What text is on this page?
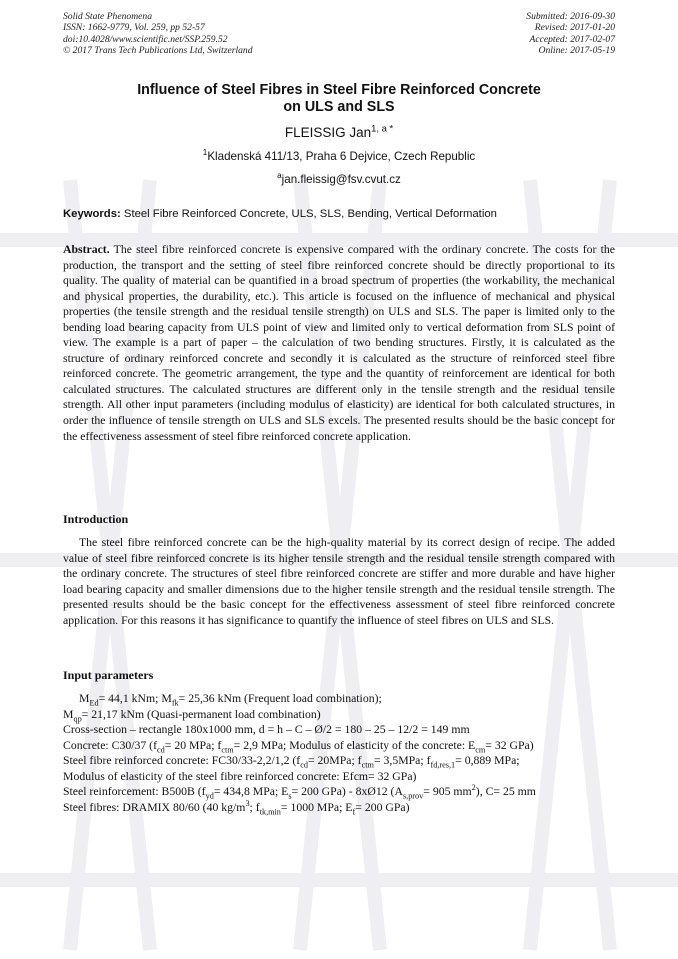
Solid State Phenomena
ISSN: 1662-9779, Vol. 259, pp 52-57
doi:10.4028/www.scientific.net/SSP.259.52
© 2017 Trans Tech Publications Ltd, Switzerland
Submitted: 2016-09-30
Revised: 2017-01-20
Accepted: 2017-02-07
Online: 2017-05-19
Influence of Steel Fibres in Steel Fibre Reinforced Concrete
on ULS and SLS
FLEISSIG Jan$^{1, a *}$
$^1$Kladenská 411/13, Praha 6 Dejvice, Czech Republic
$^a$jan.fleissig@fsv.cvut.cz
Keywords: Steel Fibre Reinforced Concrete, ULS, SLS, Bending, Vertical Deformation
Abstract. The steel fibre reinforced concrete is expensive compared with the ordinary concrete. The costs for the production, the transport and the setting of steel fibre reinforced concrete should be directly proportional to its quality. The quality of material can be quantified in a broad spectrum of properties (the workability, the mechanical and physical properties, the durability, etc.). This article is focused on the influence of mechanical and physical properties (the tensile strength and the residual tensile strength) on ULS and SLS. The paper is limited only to the bending load bearing capacity from ULS point of view and limited only to vertical deformation from SLS point of view. The example is a part of paper – the calculation of two bending structures. Firstly, it is calculated as the structure of ordinary reinforced concrete and secondly it is calculated as the structure of reinforced steel fibre reinforced concrete. The geometric arrangement, the type and the quantity of reinforcement are identical for both calculated structures. The calculated structures are different only in the tensile strength and the residual tensile strength. All other input parameters (including modulus of elasticity) are identical for both calculated structures, in order the influence of tensile strength on ULS and SLS excels. The presented results should be the basic concept for the effectiveness assessment of steel fibre reinforced concrete application.
Introduction
The steel fibre reinforced concrete can be the high-quality material by its correct design of recipe. The added value of steel fibre reinforced concrete is its higher tensile strength and the residual tensile strength compared with the ordinary concrete. The structures of steel fibre reinforced concrete are stiffer and more durable and have higher load bearing capacity and smaller dimensions due to the higher tensile strength and the residual tensile strength. The presented results should be the basic concept for the effectiveness assessment of steel fibre reinforced concrete application. For this reasons it has significance to quantify the influence of steel fibres on ULS and SLS.
Input parameters
$M_{Ed}= 44,1$ kNm; $M_{fk}= 25,36$ kNm (Frequent load combination);
$M_{qp}= 21,17$ kNm (Quasi-permanent load combination)
Cross-section – rectangle 180x1000 mm, d = h – C – Ø/2 = 180 – 25 – 12/2 = 149 mm
Concrete: C30/37 ($f_{cd}= 20$ MPa; $f_{ctm}= 2,9$ MPa; Modulus of elasticity of the concrete: $E_{cm}= 32$ GPa)
Steel fibre reinforced concrete: FC30/33-2,2/1,2 ($f_{cd}= 20MPa$; $f_{ctm}= 3,5MPa$; $f_{fd,res,1}= 0,889$ MPa;
Modulus of elasticity of the steel fibre reinforced concrete: Efcm= 32 GPa)
Steel reinforcement: B500B ($f_{yd}= 434,8$ MPa; $E_s= 200$ GPa) - 8xØ12 ($A_{s,prov}= 905$ $mm^2$), C= 25 mm
Steel fibres: DRAMIX 80/60 (40 $kg/m^3$; $f_{tk,min}= 1000$ MPa; $E_f= 200$ GPa)
